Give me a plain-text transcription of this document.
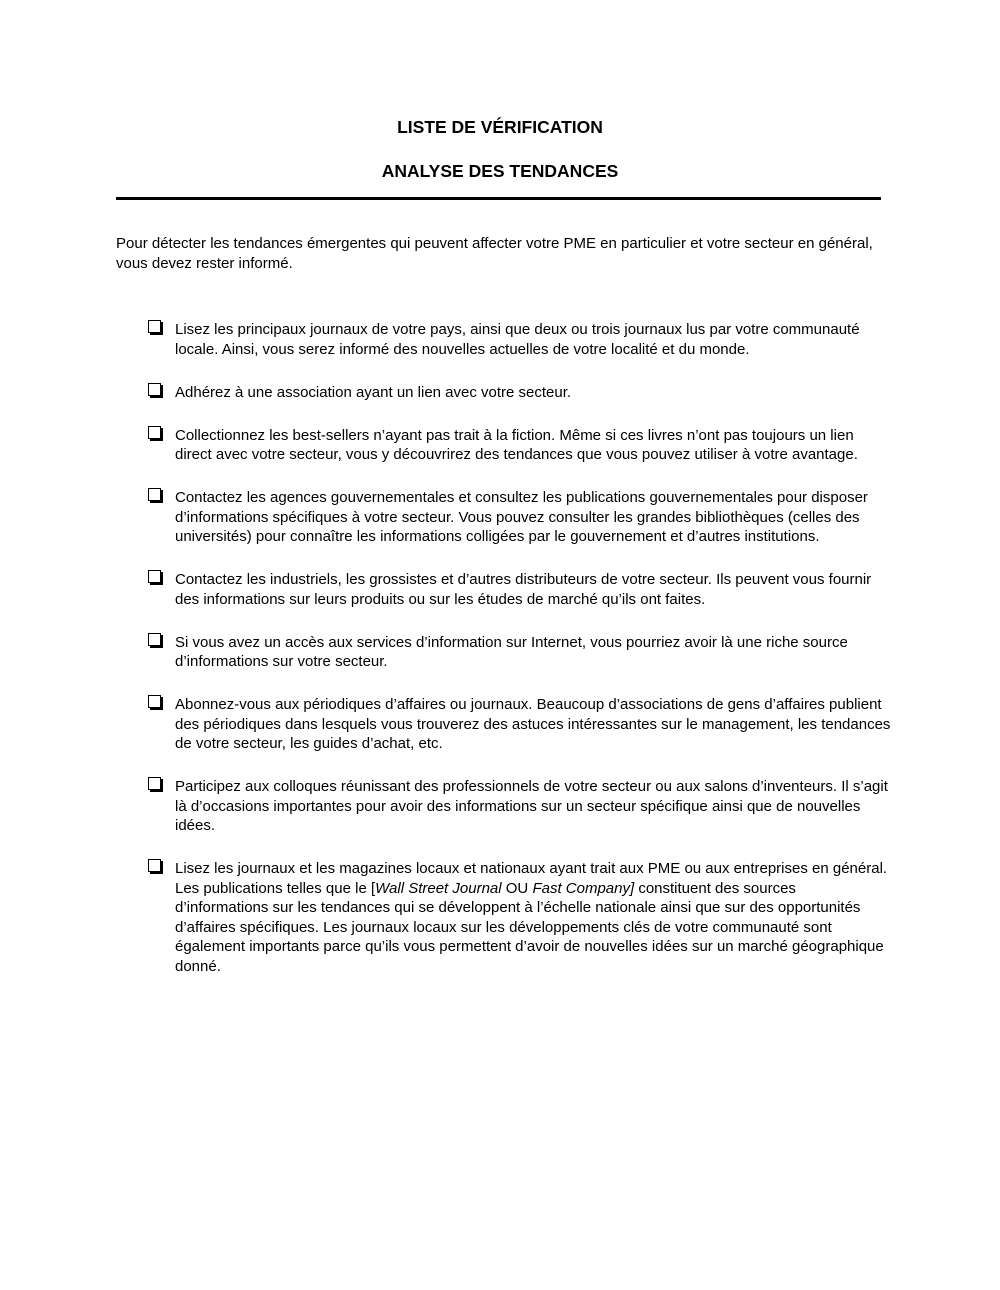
LISTE DE VÉRIFICATION
ANALYSE DES TENDANCES

Pour détecter les tendances émergentes qui peuvent affecter votre PME en particulier et votre secteur en général, vous devez rester informé.

Lisez les principaux journaux de votre pays, ainsi que deux ou trois journaux lus par votre communauté locale. Ainsi, vous serez informé des nouvelles actuelles de votre localité et du monde.
Adhérez à une association ayant un lien avec votre secteur.
Collectionnez les best-sellers n’ayant pas trait à la fiction. Même si ces livres n’ont pas toujours un lien direct avec votre secteur, vous y découvrirez des tendances que vous pouvez utiliser à votre avantage.
Contactez les agences gouvernementales et consultez les publications gouvernementales pour disposer d’informations spécifiques à votre secteur. Vous pouvez consulter les grandes bibliothèques (celles des universités) pour connaître les informations colligées par le gouvernement et d’autres institutions.
Contactez les industriels, les grossistes et d’autres distributeurs de votre secteur. Ils peuvent vous fournir des informations sur leurs produits ou sur les études de marché qu’ils ont faites.
Si vous avez un accès aux services d’information sur Internet, vous pourriez avoir là une riche source d’informations sur votre secteur.
Abonnez-vous aux périodiques d’affaires ou journaux. Beaucoup d’associations de gens d’affaires publient des périodiques dans lesquels vous trouverez des astuces intéressantes sur le management, les tendances de votre secteur, les guides d’achat, etc.
Participez aux colloques réunissant des professionnels de votre secteur ou aux salons d’inventeurs. Il s’agit là d’occasions importantes pour avoir des informations sur un secteur spécifique ainsi que de nouvelles idées.
Lisez les journaux et les magazines locaux et nationaux ayant trait aux PME ou aux entreprises en général. Les publications telles que le [Wall Street Journal OU Fast Company] constituent des sources d’informations sur les tendances qui se développent à l’échelle nationale ainsi que sur des opportunités d’affaires spécifiques. Les journaux locaux sur les développements clés de votre communauté sont également importants parce qu’ils vous permettent d’avoir de nouvelles idées sur un marché géographique donné.
